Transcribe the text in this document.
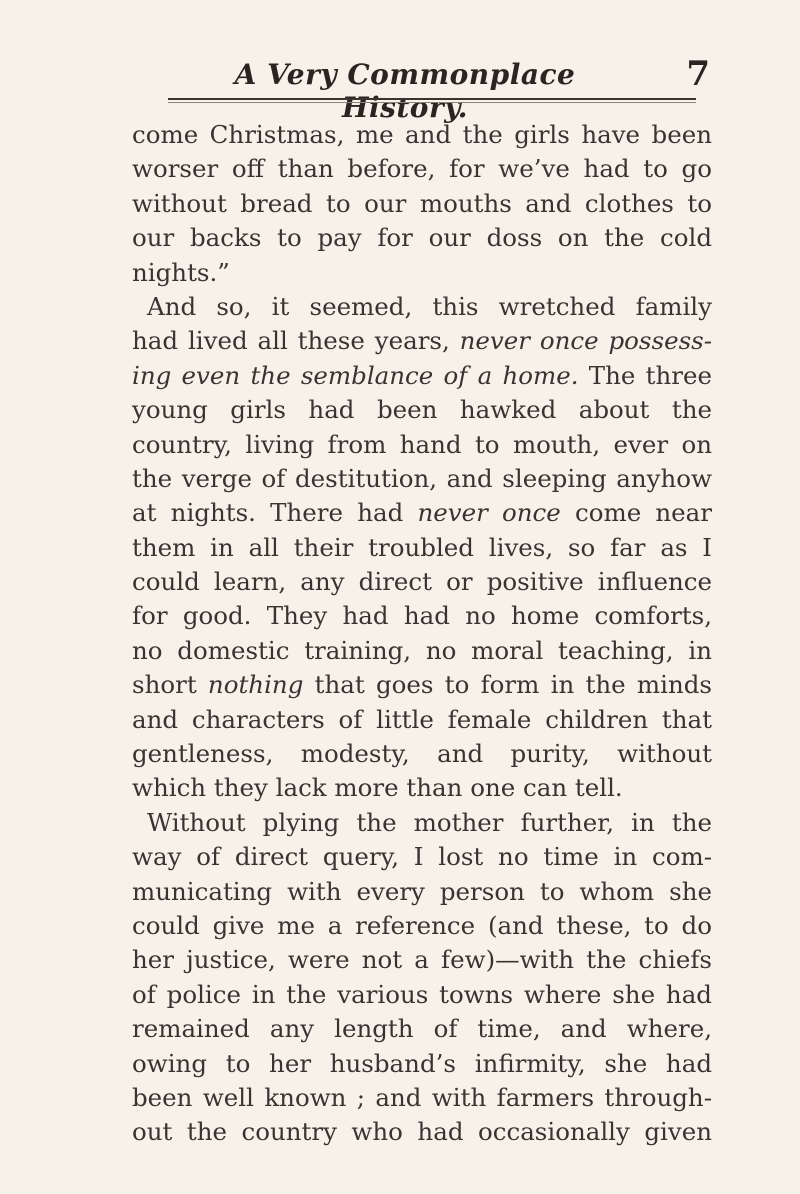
A Very Commonplace History.
7
come Christmas, me and the girls have been
worser off than before, for we’ve had to go
without bread to our mouths and clothes to
our backs to pay for our doss on the cold
nights.”
And so, it seemed, this wretched family
had lived all these years, never once possess-
ing even the semblance of a home. The three
young girls had been hawked about the
country, living from hand to mouth, ever on
the verge of destitution, and sleeping anyhow
at nights. There had never once come near
them in all their troubled lives, so far as I
could learn, any direct or positive influence
for good. They had had no home comforts,
no domestic training, no moral teaching, in
short nothing that goes to form in the minds
and characters of little female children that
gentleness, modesty, and purity, without
which they lack more than one can tell.
Without plying the mother further, in the
way of direct query, I lost no time in com-
municating with every person to whom she
could give me a reference (and these, to do
her justice, were not a few)—with the chiefs
of police in the various towns where she had
remained any length of time, and where,
owing to her husband’s infirmity, she had
been well known ; and with farmers through-
out the country who had occasionally given
